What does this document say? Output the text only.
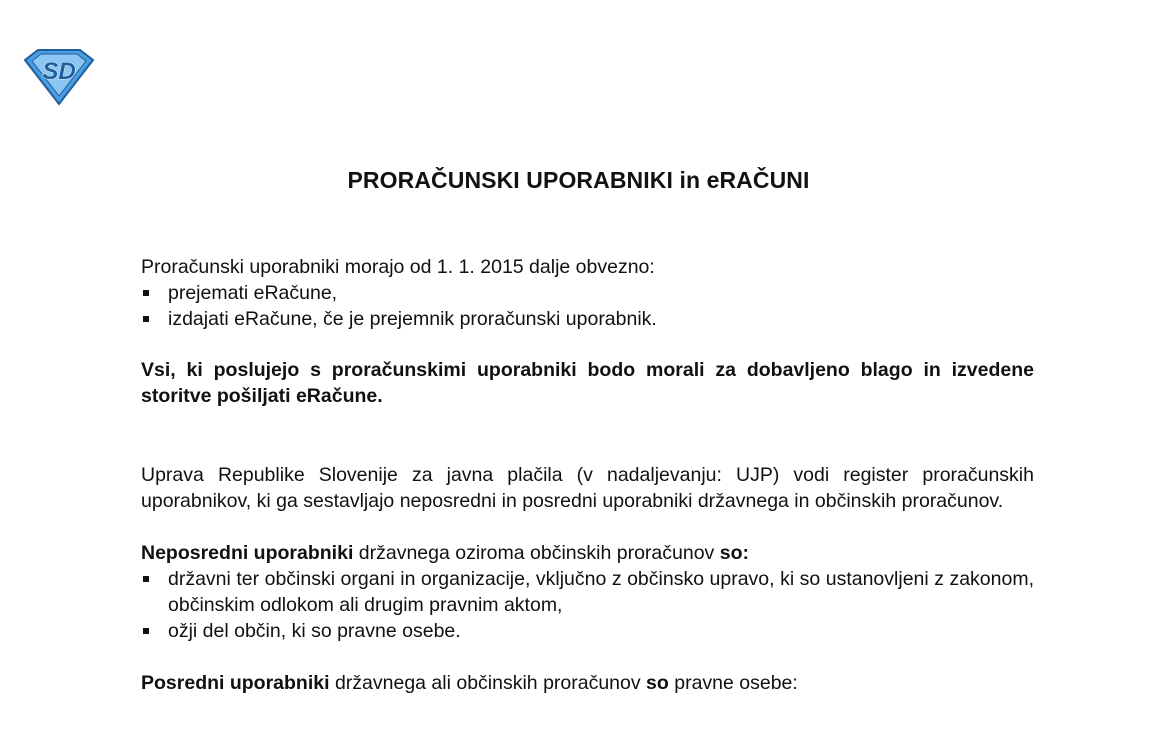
SD
PRORAČUNSKI UPORABNIKI in eRAČUNI

Proračunski uporabniki morajo od 1. 1. 2015 dalje obvezno:

prejemati eRačune,
izdajati eRačune, če je prejemnik proračunski uporabnik.

Vsi, ki poslujejo s proračunskimi uporabniki bodo morali za dobavljeno blago in izvedene storitve pošiljati eRačune.

Uprava Republike Slovenije za javna plačila (v nadaljevanju: UJP) vodi register proračunskih uporabnikov, ki ga sestavljajo neposredni in posredni uporabniki državnega in občinskih proračunov.

Neposredni uporabniki državnega oziroma občinskih proračunov so:

državni ter občinski organi in organizacije, vključno z občinsko upravo, ki so ustanovljeni z zakonom, občinskim odlokom ali drugim pravnim aktom,
ožji del občin, ki so pravne osebe.

Posredni uporabniki državnega ali občinskih proračunov so pravne osebe:
